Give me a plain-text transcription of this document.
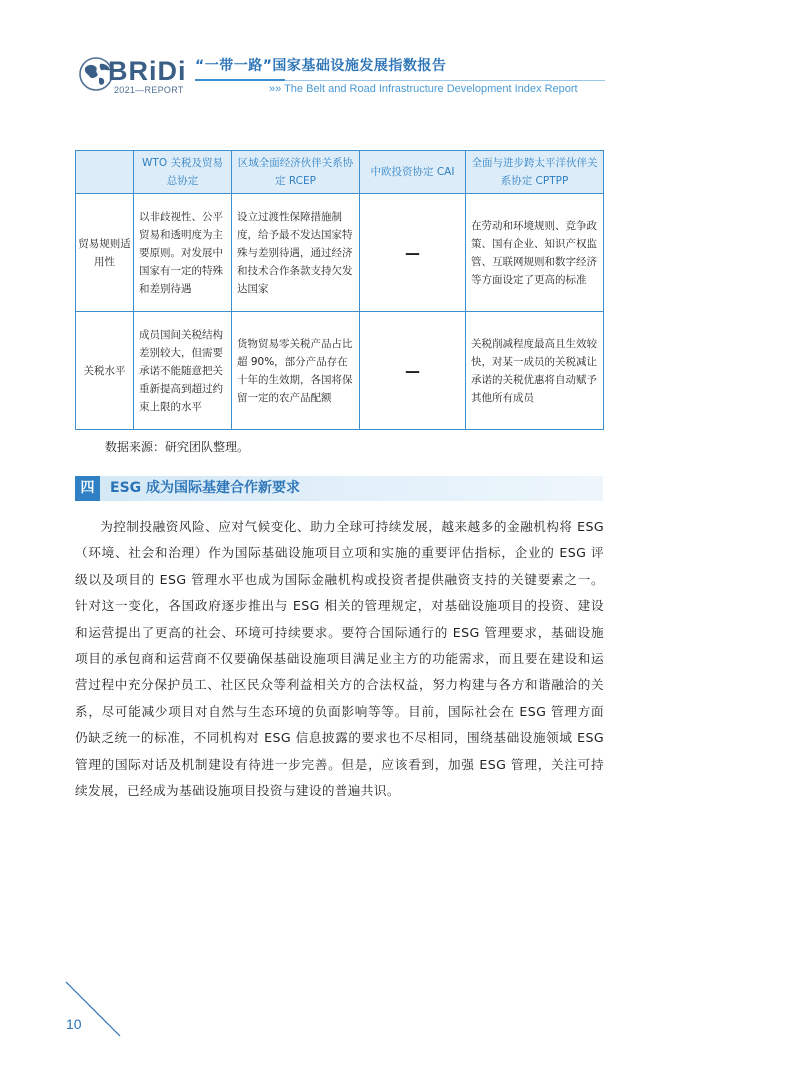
BRiDi
2021—REPORT
“一带一路”国家基础设施发展指数报告
»» The Belt and Road Infrastructure Development Index Report
	WTO 关税及贸易总协定	区域全面经济伙伴关系协定 RCEP	中欧投资协定 CAI	全面与进步跨太平洋伙伴关系协定 CPTPP
贸易规则适用性	以非歧视性、公平贸易和透明度为主要原则。对发展中国家有一定的特殊和差别待遇	设立过渡性保障措施制度，给予最不发达国家特殊与差别待遇，通过经济 和技术合作条款支持欠发达国家	—	在劳动和环境规则、竞争政策、国有企业、知识产权监管、互联网规则和数字经济等方面设定了更高的标准
关税水平	成员国间关税结构差别较大，但需要承诺不能随意把关重新提高到超过约束上限的水平	货物贸易零关税产品占比超 90%，部分产品存在十年的生效期，各国将保留一定的农产品配额	—	关税削减程度最高且生效较快，对某一成员的关税减让承诺的关税优惠将自动赋予其他所有成员
数据来源：研究团队整理。
四	ESG 成为国际基建合作新要求

为控制投融资风险、应对气候变化、助力全球可持续发展，越来越多的金融机构将 ESG（环境、社会和治理）作为国际基础设施项目立项和实施的重要评估指标，企业的 ESG 评级以及项目的 ESG 管理水平也成为国际金融机构或投资者提供融资支持的关键要素之一。针对这一变化，各国政府逐步推出与 ESG 相关的管理规定，对基础设施项目的投资、建设和运营提出了更高的社会、环境可持续要求。要符合国际通行的 ESG 管理要求，基础设施项目的承包商和运营商不仅要确保基础设施项目满足业主方的功能需求，而且要在建设和运营过程中充分保护员工、社区民众等利益相关方的合法权益，努力构建与各方和谐融洽的关系，尽可能减少项目对自然与生态环境的负面影响等等。目前，国际社会在 ESG 管理方面仍缺乏统一的标准，不同机构对 ESG 信息披露的要求也不尽相同，围绕基础设施领域 ESG 管理的国际对话及机制建设有待进一步完善。但是，应该看到，加强 ESG 管理，关注可持续发展，已经成为基础设施项目投资与建设的普遍共识。

10
